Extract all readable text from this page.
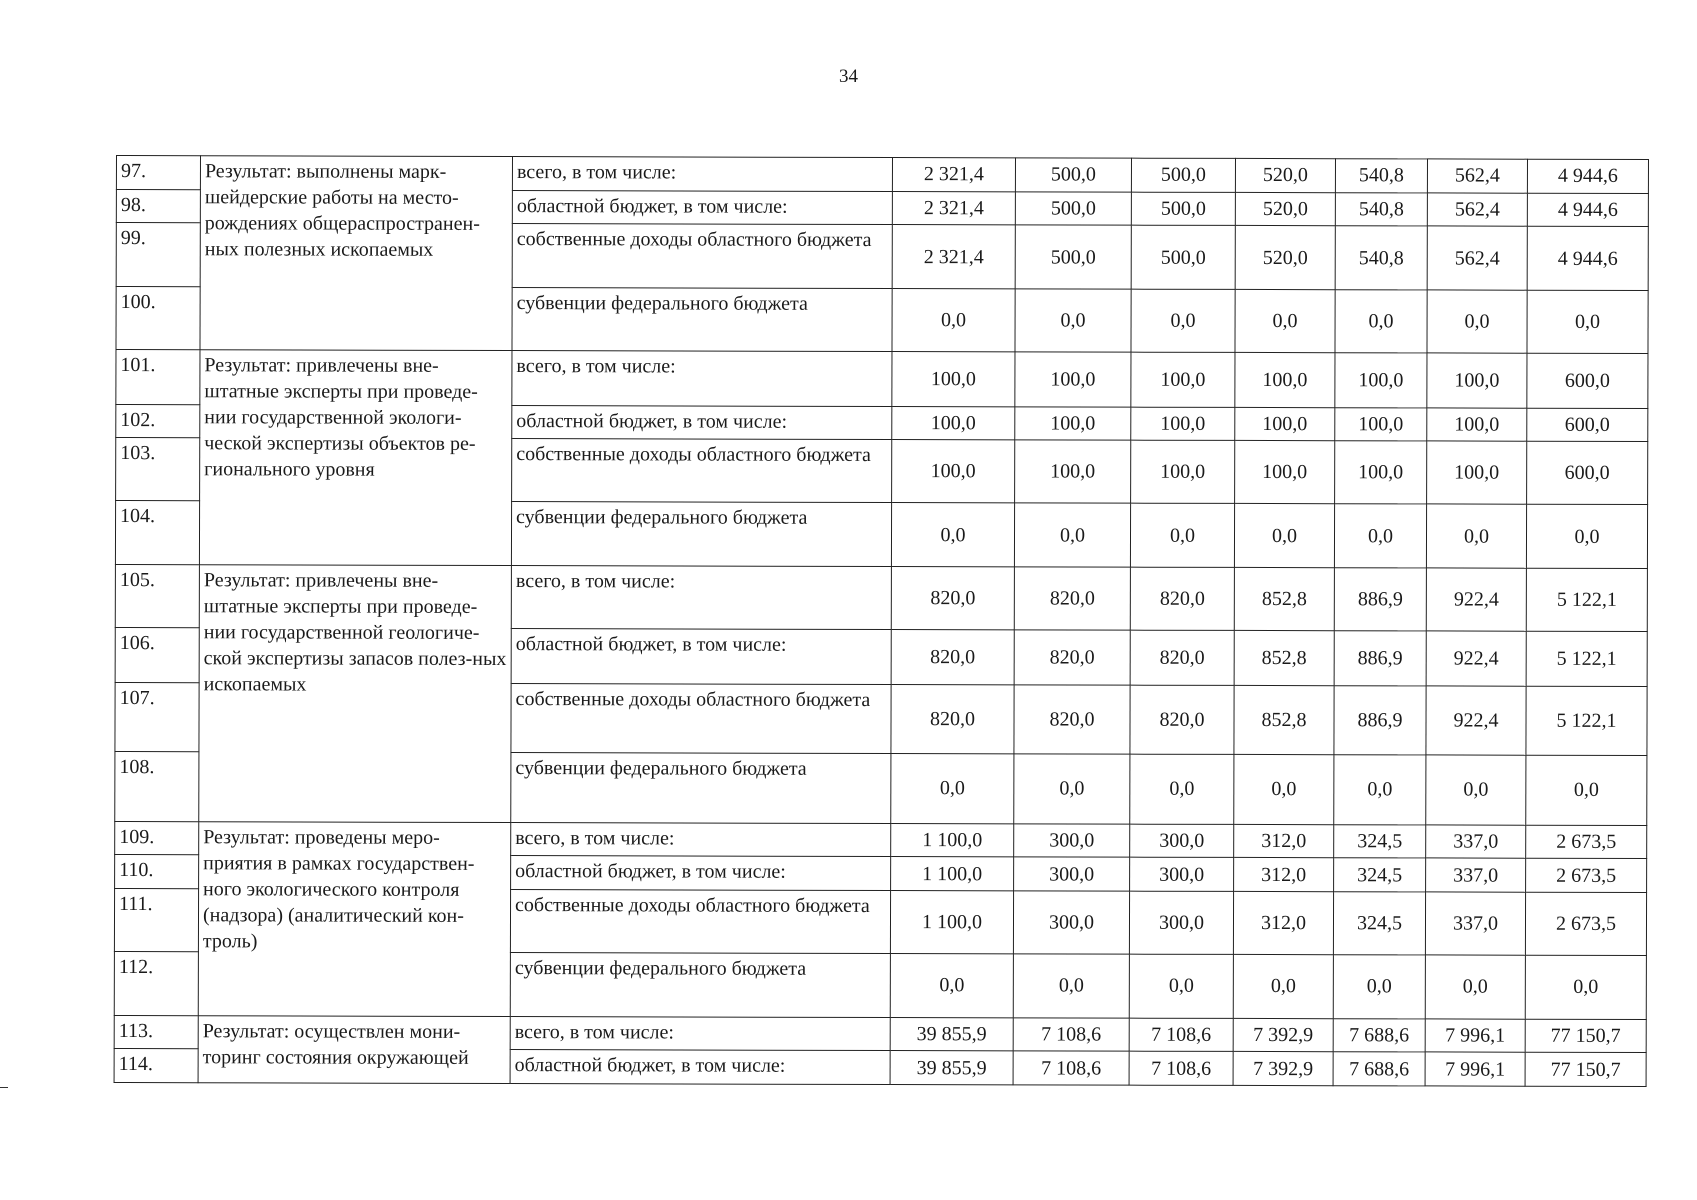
34
97.	Результат: выполнены марк-шейдерские работы на место-рождениях общераспространен-ных полезных ископаемых	всего, в том числе:	2 321,4	500,0	500,0	520,0	540,8	562,4	4 944,6
98.		областной бюджет, в том числе:	2 321,4	500,0	500,0	520,0	540,8	562,4	4 944,6
99.		собственные доходы областного бюджета	2 321,4	500,0	500,0	520,0	540,8	562,4	4 944,6
100.		субвенции федерального бюджета	0,0	0,0	0,0	0,0	0,0	0,0	0,0
101.	Результат: привлечены вне-штатные эксперты при проведе-нии государственной экологи-ческой экспертизы объектов ре-гионального уровня	всего, в том числе:	100,0	100,0	100,0	100,0	100,0	100,0	600,0
102.		областной бюджет, в том числе:	100,0	100,0	100,0	100,0	100,0	100,0	600,0
103.		собственные доходы областного бюджета	100,0	100,0	100,0	100,0	100,0	100,0	600,0
104.		субвенции федерального бюджета	0,0	0,0	0,0	0,0	0,0	0,0	0,0
105.	Результат: привлечены вне-штатные эксперты при проведе-нии государственной геологиче-ской экспертизы запасов полез-ных ископаемых	всего, в том числе:	820,0	820,0	820,0	852,8	886,9	922,4	5 122,1
106.		областной бюджет, в том числе:	820,0	820,0	820,0	852,8	886,9	922,4	5 122,1
107.		собственные доходы областного бюджета	820,0	820,0	820,0	852,8	886,9	922,4	5 122,1
108.		субвенции федерального бюджета	0,0	0,0	0,0	0,0	0,0	0,0	0,0
109.	Результат: проведены меро-приятия в рамках государствен-ного экологического контроля (надзора) (аналитический кон-троль)	всего, в том числе:	1 100,0	300,0	300,0	312,0	324,5	337,0	2 673,5
110.		областной бюджет, в том числе:	1 100,0	300,0	300,0	312,0	324,5	337,0	2 673,5
111.		собственные доходы областного бюджета	1 100,0	300,0	300,0	312,0	324,5	337,0	2 673,5
112.		субвенции федерального бюджета	0,0	0,0	0,0	0,0	0,0	0,0	0,0
113.	Результат: осуществлен мони-торинг состояния окружающей	всего, в том числе:	39 855,9	7 108,6	7 108,6	7 392,9	7 688,6	7 996,1	77 150,7
114.		областной бюджет, в том числе:	39 855,9	7 108,6	7 108,6	7 392,9	7 688,6	7 996,1	77 150,7
